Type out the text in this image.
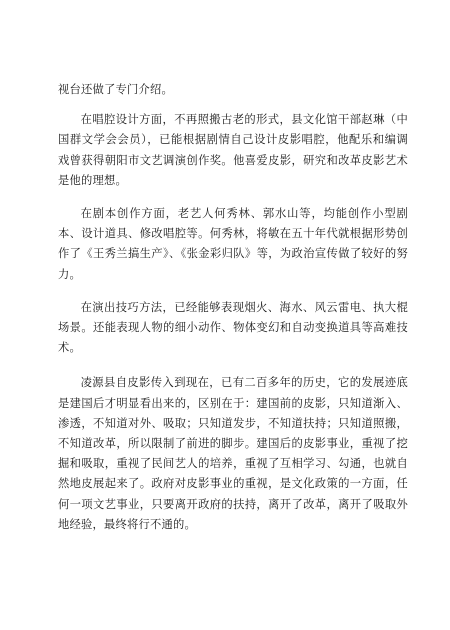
视台还做了专门介绍。

在唱腔设计方面，不再照搬古老的形式，县文化馆干部赵琳（中国群文学会会员），已能根据剧情自己设计皮影唱腔，他配乐和编调戏曾获得朝阳市文艺调演创作奖。他喜爱皮影，研究和改革皮影艺术是他的理想。

在剧本创作方面，老艺人何秀林、郭水山等，均能创作小型剧本、设计道具、修改唱腔等。何秀林，将敏在五十年代就根据形势创作了《王秀兰搞生产》、《张金彩归队》等，为政治宣传做了较好的努力。

在演出技巧方法，已经能够表现烟火、海水、风云雷电、执大棍场景。还能表现人物的细小动作、物体变幻和自动变换道具等高难技术。

凌源县自皮影传入到现在，已有二百多年的历史，它的发展迹底是建国后才明显看出来的，区别在于：建国前的皮影，只知道渐入、渗透，不知道对外、吸取；只知道发步，不知道扶持；只知道照搬，不知道改革，所以限制了前进的脚步。建国后的皮影事业，重视了挖掘和吸取，重视了民间艺人的培养，重视了互相学习、勾通，也就自然地皮展起来了。政府对皮影事业的重视，是文化政策的一方面，任何一项文艺事业，只要离开政府的扶持，离开了改革，离开了吸取外地经验，最终将行不通的。
